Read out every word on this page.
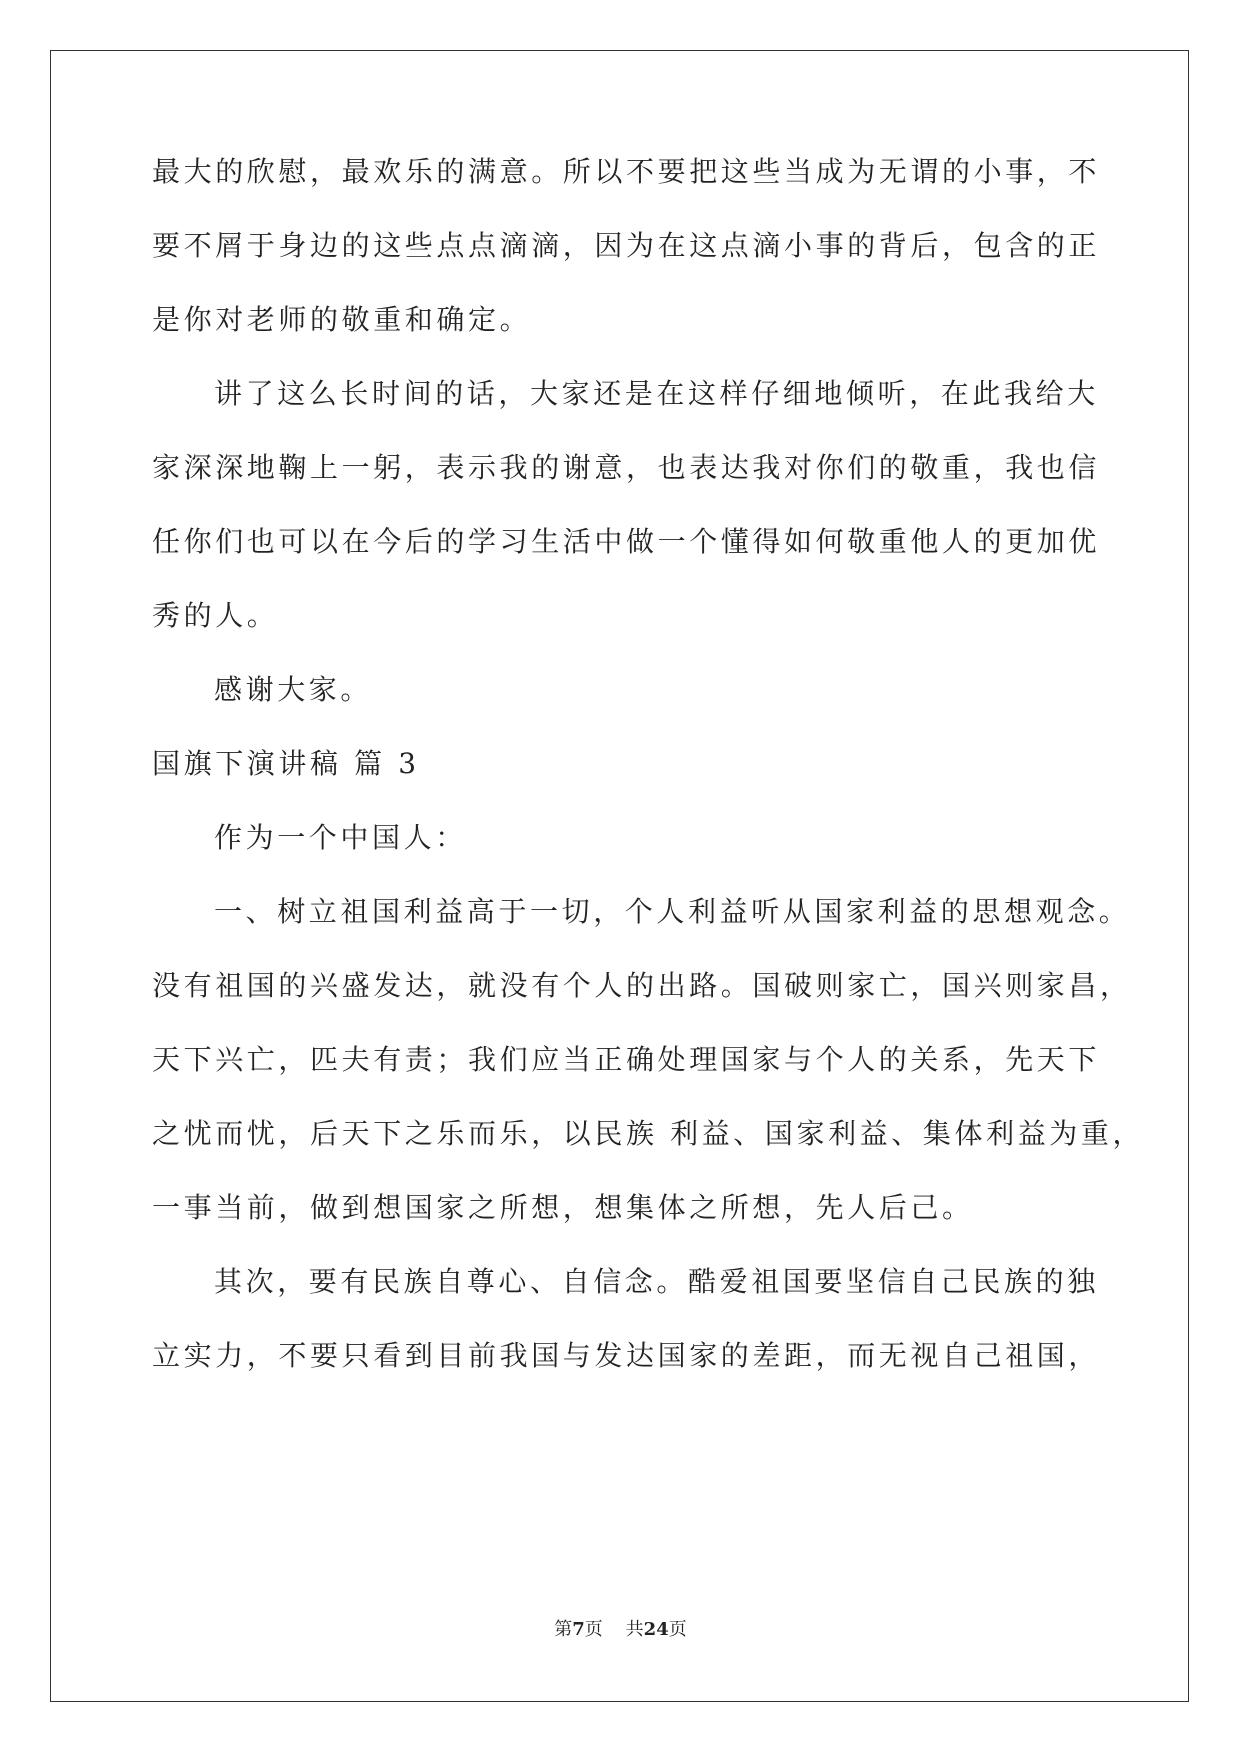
最大的欣慰，最欢乐的满意。所以不要把这些当成为无谓的小事，不
要不屑于身边的这些点点滴滴，因为在这点滴小事的背后，包含的正
是你对老师的敬重和确定。
讲了这么长时间的话，大家还是在这样仔细地倾听，在此我给大
家深深地鞠上一躬，表示我的谢意，也表达我对你们的敬重，我也信
任你们也可以在今后的学习生活中做一个懂得如何敬重他人的更加优
秀的人。
感谢大家。
国旗下演讲稿 篇 3
作为一个中国人：
一、树立祖国利益高于一切，个人利益听从国家利益的思想观念。
没有祖国的兴盛发达，就没有个人的出路。国破则家亡，国兴则家昌，
天下兴亡，匹夫有责；我们应当正确处理国家与个人的关系，先天下
之忧而忧，后天下之乐而乐，以民族 利益、国家利益、集体利益为重，
一事当前，做到想国家之所想，想集体之所想，先人后己。
其次，要有民族自尊心、自信念。酷爱祖国要坚信自己民族的独
立实力，不要只看到目前我国与发达国家的差距，而无视自己祖国，
第7页 共24页
